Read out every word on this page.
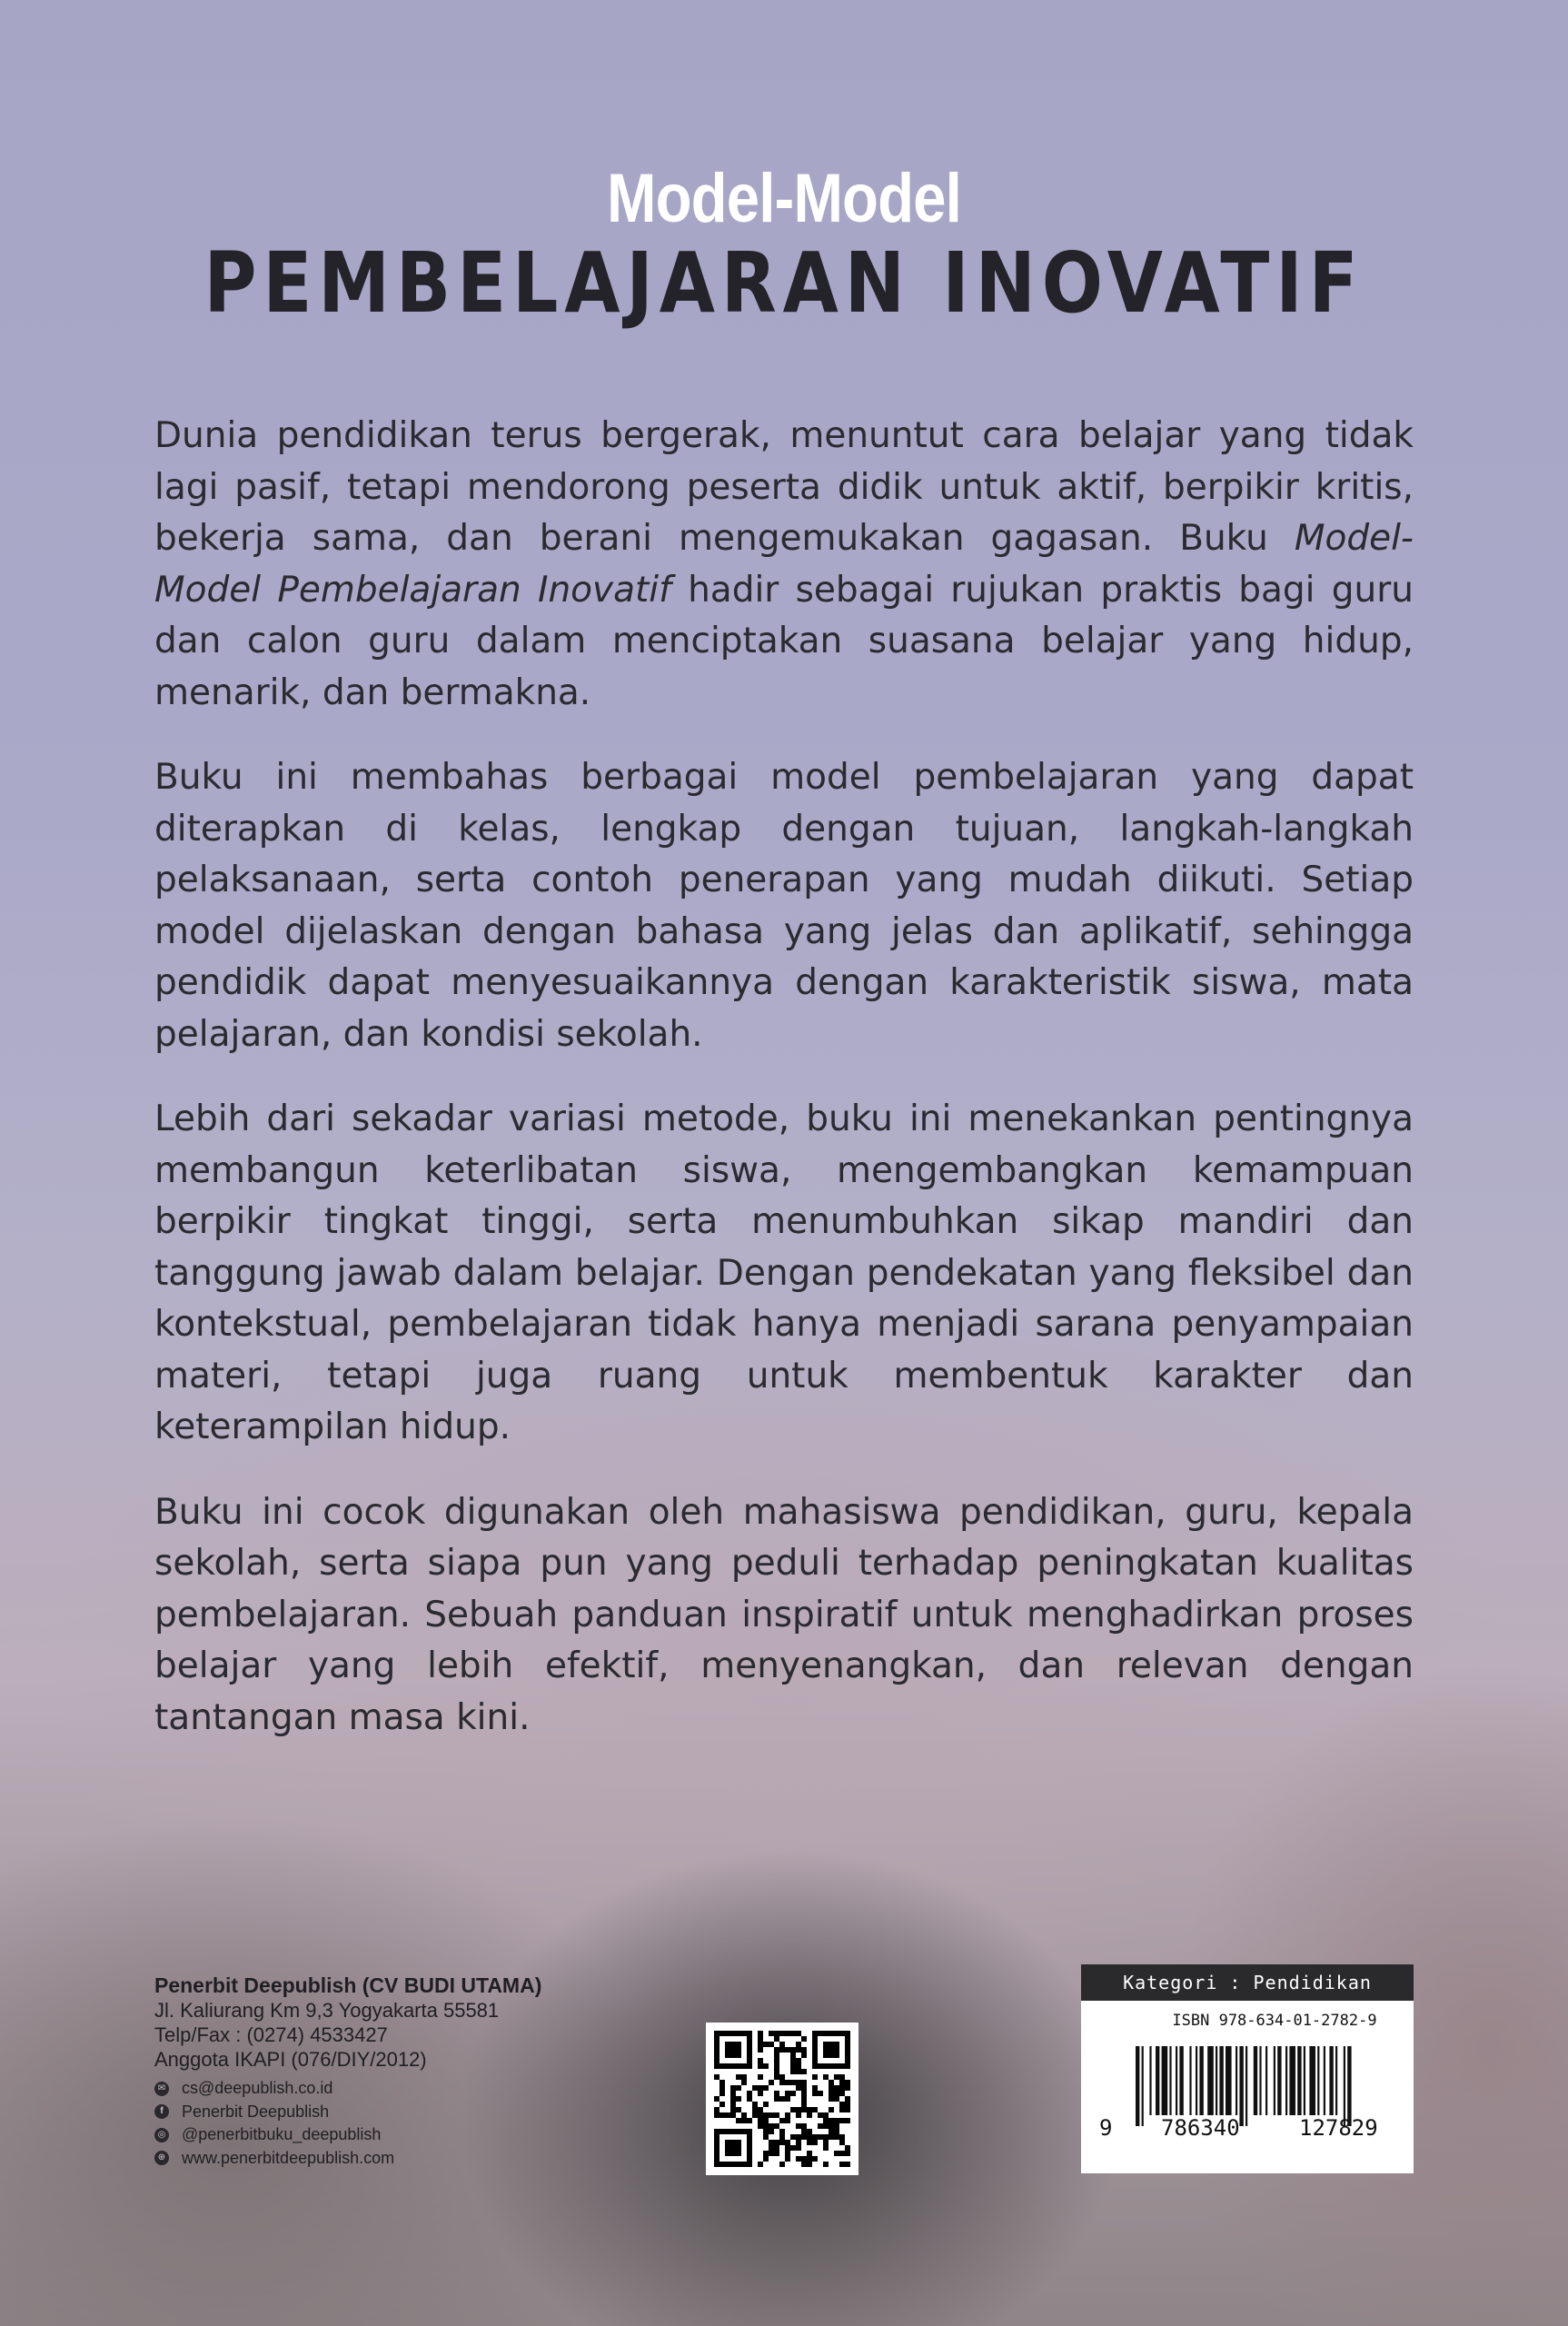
Model-Model
PEMBELAJARAN INOVATIF

Dunia pendidikan terus bergerak, menuntut cara belajar yang tidak lagi pasif, tetapi mendorong peserta didik untuk aktif, berpikir kritis, bekerja sama, dan berani mengemukakan gagasan. Buku Model-Model Pembelajaran Inovatif hadir sebagai rujukan praktis bagi guru dan calon guru dalam menciptakan suasana belajar yang hidup, menarik, dan bermakna.

Buku ini membahas berbagai model pembelajaran yang dapat diterapkan di kelas, lengkap dengan tujuan, langkah-langkah pelaksanaan, serta contoh penerapan yang mudah diikuti. Setiap model dijelaskan dengan bahasa yang jelas dan aplikatif, sehingga pendidik dapat menyesuaikannya dengan karakteristik siswa, mata pelajaran, dan kondisi sekolah.

Lebih dari sekadar variasi metode, buku ini menekankan pentingnya membangun keterlibatan siswa, mengembangkan kemampuan berpikir tingkat tinggi, serta menumbuhkan sikap mandiri dan tanggung jawab dalam belajar. Dengan pendekatan yang fleksibel dan kontekstual, pembelajaran tidak hanya menjadi sarana penyampaian materi, tetapi juga ruang untuk membentuk karakter dan keterampilan hidup.

Buku ini cocok digunakan oleh mahasiswa pendidikan, guru, kepala sekolah, serta siapa pun yang peduli terhadap peningkatan kualitas pembelajaran. Sebuah panduan inspiratif untuk menghadirkan proses belajar yang lebih efektif, menyenangkan, dan relevan dengan tantangan masa kini.

Penerbit Deepublish (CV BUDI UTAMA)
Jl. Kaliurang Km 9,3 Yogyakarta 55581
Telp/Fax : (0274) 4533427
Anggota IKAPI (076/DIY/2012)
✉ cs@deepublish.co.id
f	Penerbit Deepublish
◎ @penerbitbuku_deepublish
⊕ www.penerbitdeepublish.com
Kategori : Pendidikan
ISBN 978-634-01-2782-9
9 786340	127829
